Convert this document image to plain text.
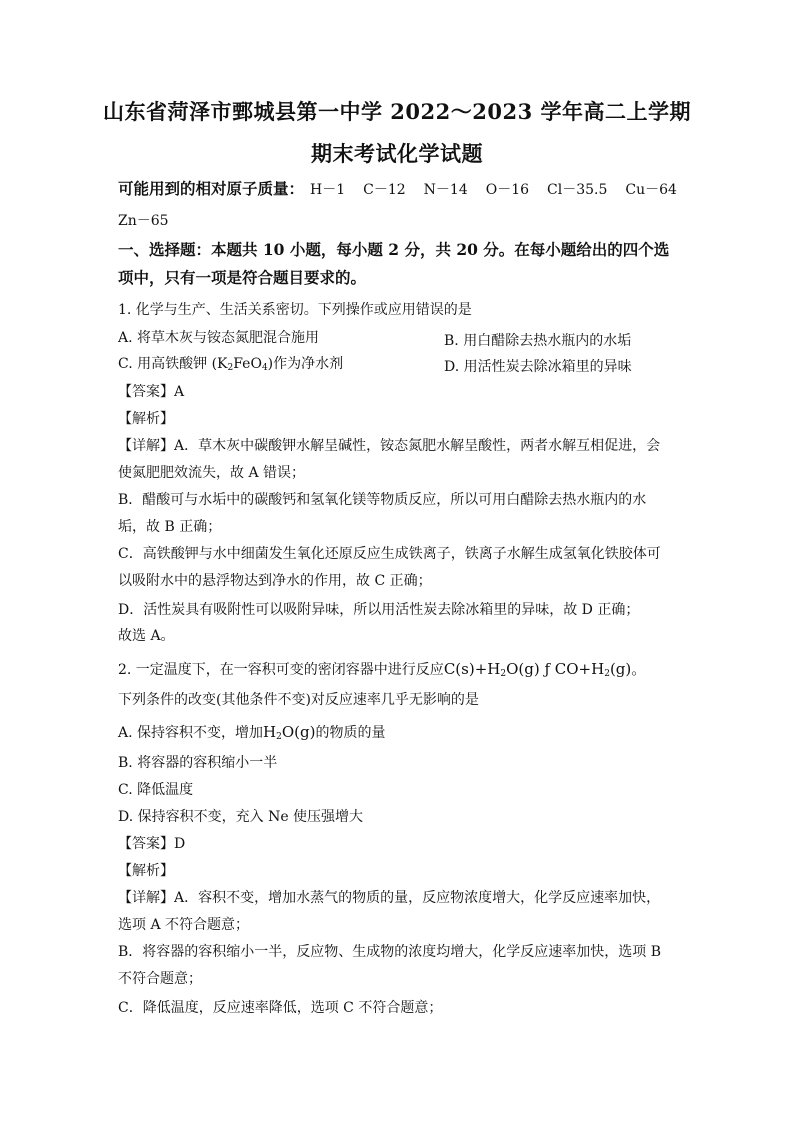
山东省菏泽市鄄城县第一中学 2022～2023 学年高二上学期
期末考试化学试题
可能用到的相对原子质量： H－1 C－12 N－14 O－16 Cl－35.5 Cu－64
Zn－65
一、选择题：本题共 10 小题，每小题 2 分，共 20 分。在每小题给出的四个选
项中，只有一项是符合题目要求的。
1. 化学与生产、生活关系密切。下列操作或应用错误的是
A. 将草木灰与铵态氮肥混合施用	B. 用白醋除去热水瓶内的水垢
C. 用高铁酸钾 $(K_2FeO_4)$作为净水剂	D. 用活性炭去除冰箱里的异味
【答案】A
【解析】
【详解】A．草木灰中碳酸钾水解呈碱性，铵态氮肥水解呈酸性，两者水解互相促进，会
使氮肥肥效流失，故 A 错误；
B．醋酸可与水垢中的碳酸钙和氢氧化镁等物质反应，所以可用白醋除去热水瓶内的水
垢，故 B 正确；
C．高铁酸钾与水中细菌发生氧化还原反应生成铁离子，铁离子水解生成氢氧化铁胶体可
以吸附水中的悬浮物达到净水的作用，故 C 正确；
D．活性炭具有吸附性可以吸附异味，所以用活性炭去除冰箱里的异味，故 D 正确；
故选 A。
2. 一定温度下，在一容积可变的密闭容器中进行反应$C(s)+H_2O(g)$ ƒ $CO+H_2(g)$。
下列条件的改变(其他条件不变)对反应速率几乎无影响的是
A. 保持容积不变，增加$H_2O(g)$的物质的量
B. 将容器的容积缩小一半
C. 降低温度
D. 保持容积不变，充入 Ne 使压强增大
【答案】D
【解析】
【详解】A．容积不变，增加水蒸气的物质的量，反应物浓度增大，化学反应速率加快，
选项 A 不符合题意；
B．将容器的容积缩小一半，反应物、生成物的浓度均增大，化学反应速率加快，选项 B
不符合题意；
C．降低温度，反应速率降低，选项 C 不符合题意；
